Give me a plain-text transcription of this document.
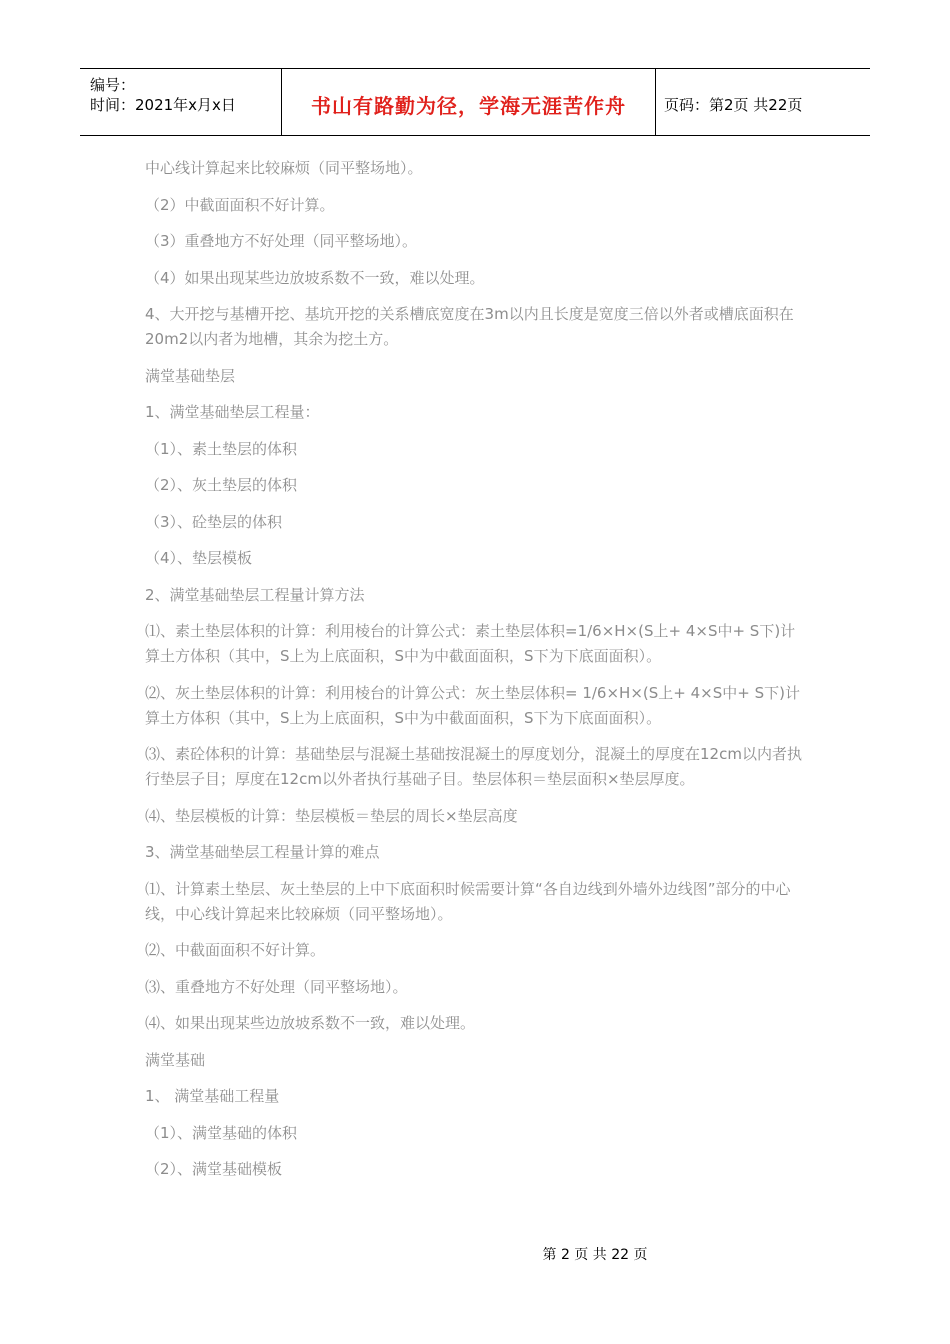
编号：
时间：2021年x月x日	书山有路勤为径，学海无涯苦作舟	页码：第2页 共22页

中心线计算起来比较麻烦（同平整场地）。

（2）中截面面积不好计算。

（3）重叠地方不好处理（同平整场地）。

（4）如果出现某些边放坡系数不一致，难以处理。

4、大开挖与基槽开挖、基坑开挖的关系槽底宽度在3m以内且长度是宽度三倍以外者或槽底面积在20m2以内者为地槽，其余为挖土方。

满堂基础垫层

1、满堂基础垫层工程量：

（1）、素土垫层的体积

（2）、灰土垫层的体积

（3）、砼垫层的体积

（4）、垫层模板

2、满堂基础垫层工程量计算方法

⑴、素土垫层体积的计算：利用棱台的计算公式：素土垫层体积=1/6×H×(S上+ 4×S中+ S下)计算土方体积（其中，S上为上底面积，S中为中截面面积，S下为下底面面积）。

⑵、灰土垫层体积的计算：利用棱台的计算公式：灰土垫层体积= 1/6×H×(S上+ 4×S中+ S下)计算土方体积（其中，S上为上底面积，S中为中截面面积，S下为下底面面积）。

⑶、素砼体积的计算：基础垫层与混凝土基础按混凝土的厚度划分，混凝土的厚度在12cm以内者执行垫层子目；厚度在12cm以外者执行基础子目。垫层体积＝垫层面积×垫层厚度。

⑷、垫层模板的计算：垫层模板＝垫层的周长×垫层高度

3、满堂基础垫层工程量计算的难点

⑴、计算素土垫层、灰土垫层的上中下底面积时候需要计算“各自边线到外墙外边线图”部分的中心线，中心线计算起来比较麻烦（同平整场地）。

⑵、中截面面积不好计算。

⑶、重叠地方不好处理（同平整场地）。

⑷、如果出现某些边放坡系数不一致，难以处理。

满堂基础

1、 满堂基础工程量

（1）、满堂基础的体积

（2）、满堂基础模板

第 2 页 共 22 页
